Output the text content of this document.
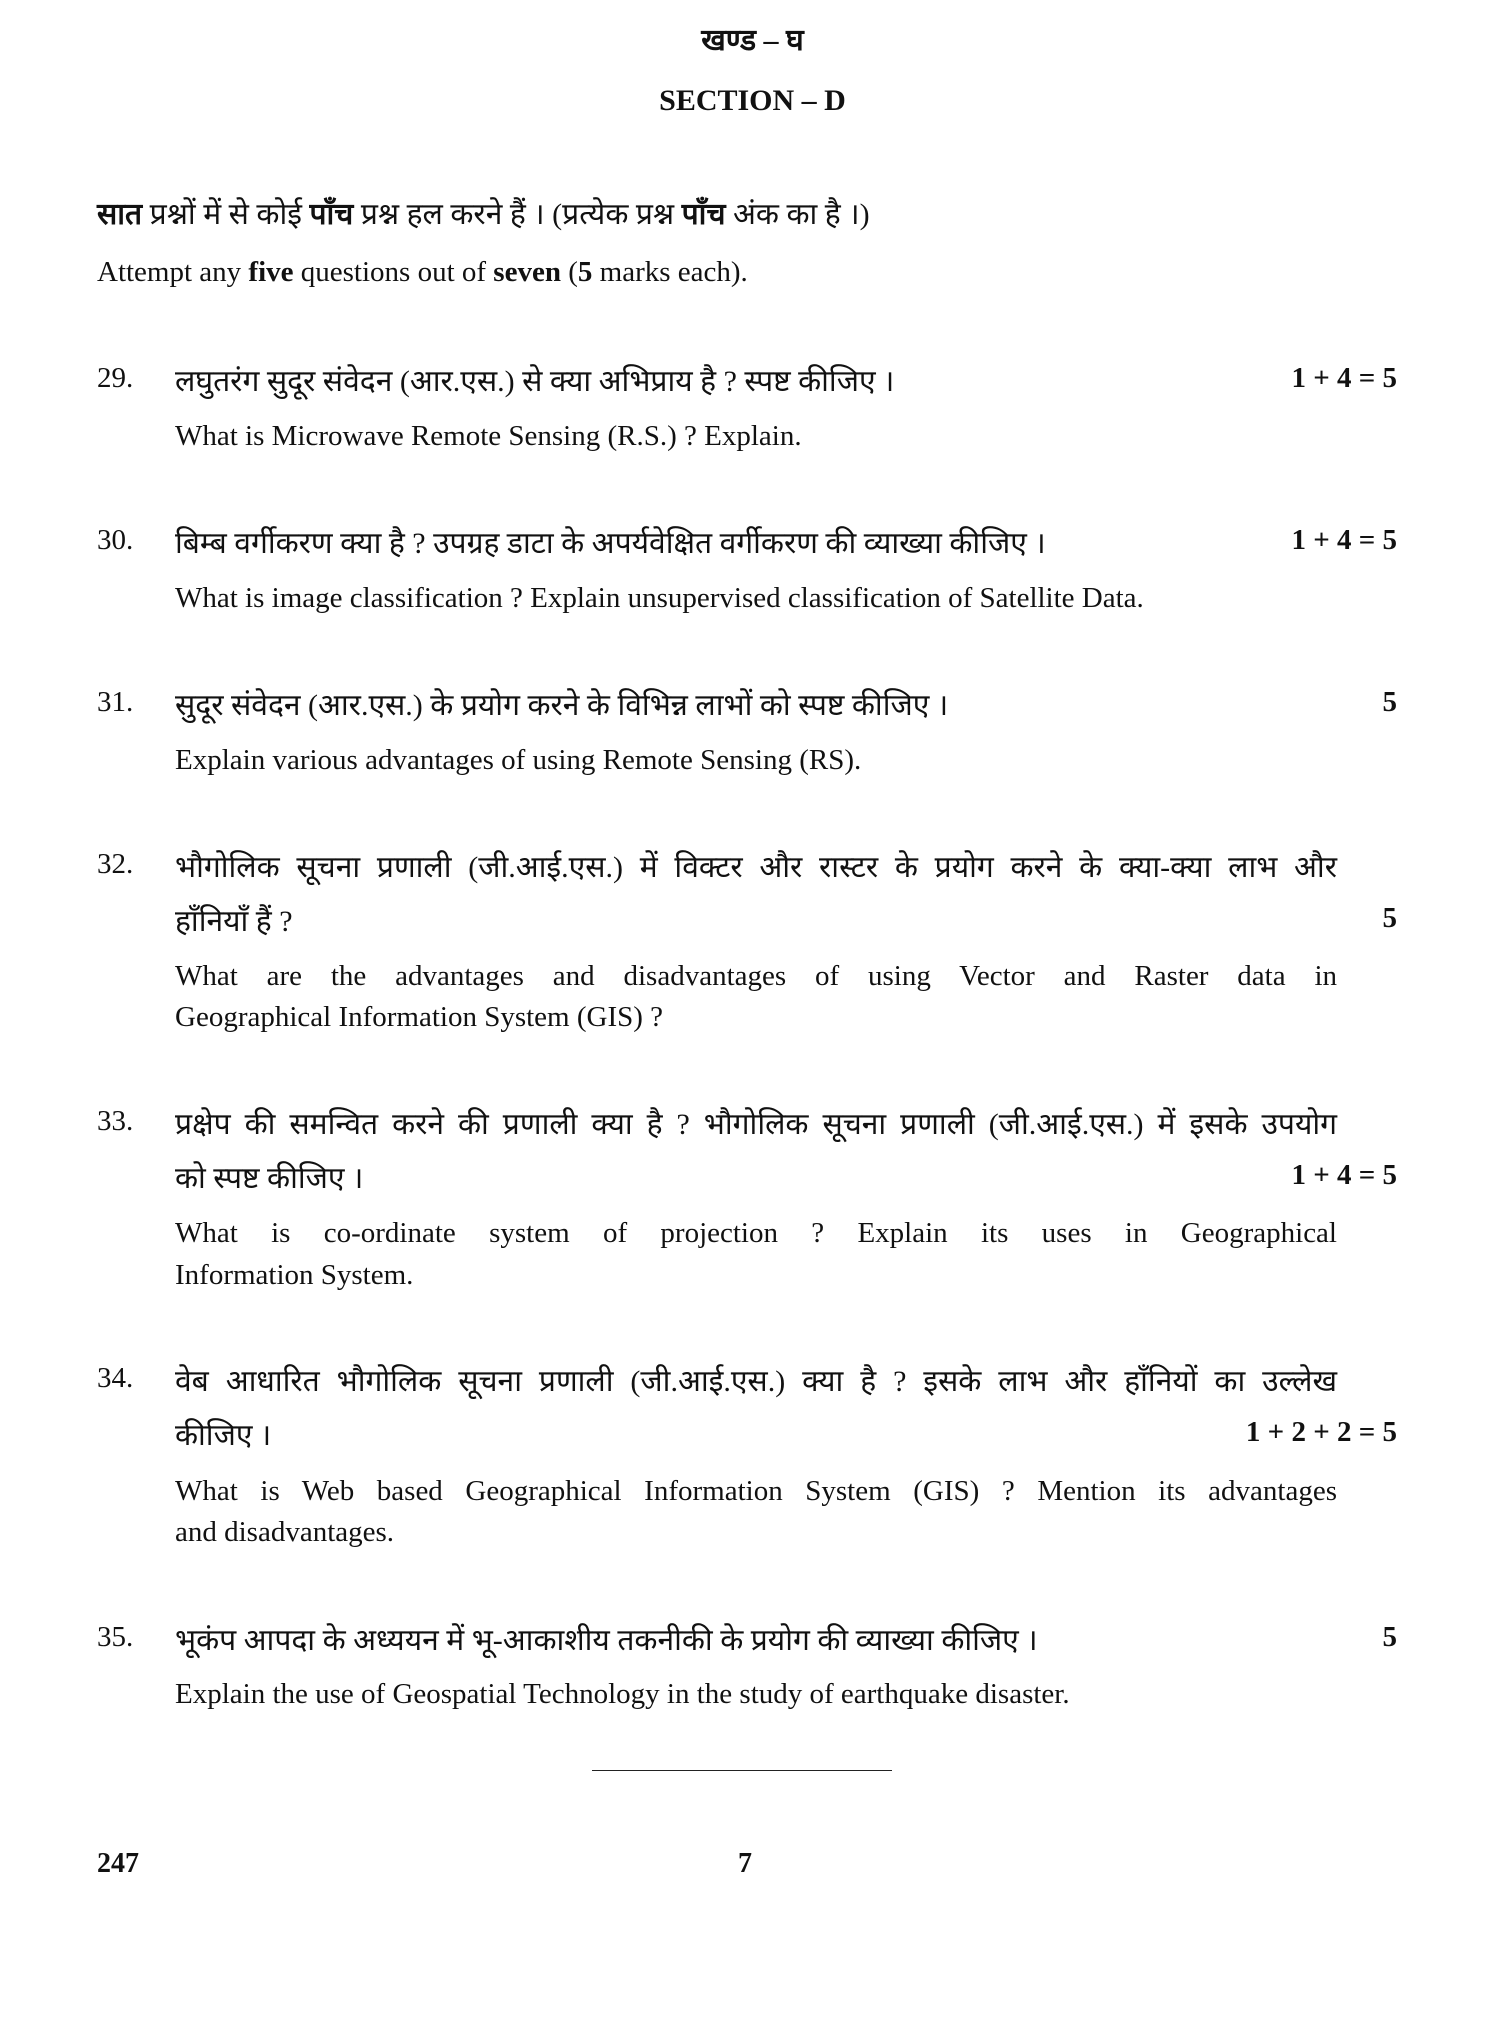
खण्ड – घ
SECTION – D
सात प्रश्नों में से कोई पाँच प्रश्न हल करने हैं । (प्रत्येक प्रश्न पाँच अंक का है ।)
Attempt any five questions out of seven (5 marks each).
29. लघुतरंग सुदूर संवेदन (आर.एस.) से क्या अभिप्राय है ? स्पष्ट कीजिए ।	1 + 4 = 5
What is Microwave Remote Sensing (R.S.) ? Explain.
30. बिम्ब वर्गीकरण क्या है ? उपग्रह डाटा के अपर्यवेक्षित वर्गीकरण की व्याख्या कीजिए ।	1 + 4 = 5
What is image classification ? Explain unsupervised classification of Satellite Data.
31. सुदूर संवेदन (आर.एस.) के प्रयोग करने के विभिन्न लाभों को स्पष्ट कीजिए ।	5
Explain various advantages of using Remote Sensing (RS).
32. भौगोलिक सूचना प्रणाली (जी.आई.एस.) में विक्टर और रास्टर के प्रयोग करने के क्या-क्या लाभ और
हाँनियाँ हैं ?	5
What are the advantages and disadvantages of using Vector and Raster data in
Geographical Information System (GIS) ?
33. प्रक्षेप की समन्वित करने की प्रणाली क्या है ? भौगोलिक सूचना प्रणाली (जी.आई.एस.) में इसके उपयोग
को स्पष्ट कीजिए ।	1 + 4 = 5
What is co-ordinate system of projection ? Explain its uses in Geographical
Information System.
34. वेब आधारित भौगोलिक सूचना प्रणाली (जी.आई.एस.) क्या है ? इसके लाभ और हाँनियों का उल्लेख
कीजिए ।	1 + 2 + 2 = 5
What is Web based Geographical Information System (GIS) ? Mention its advantages
and disadvantages.
35. भूकंप आपदा के अध्ययन में भू-आकाशीय तकनीकी के प्रयोग की व्याख्या कीजिए ।	5
Explain the use of Geospatial Technology in the study of earthquake disaster.
247	7
